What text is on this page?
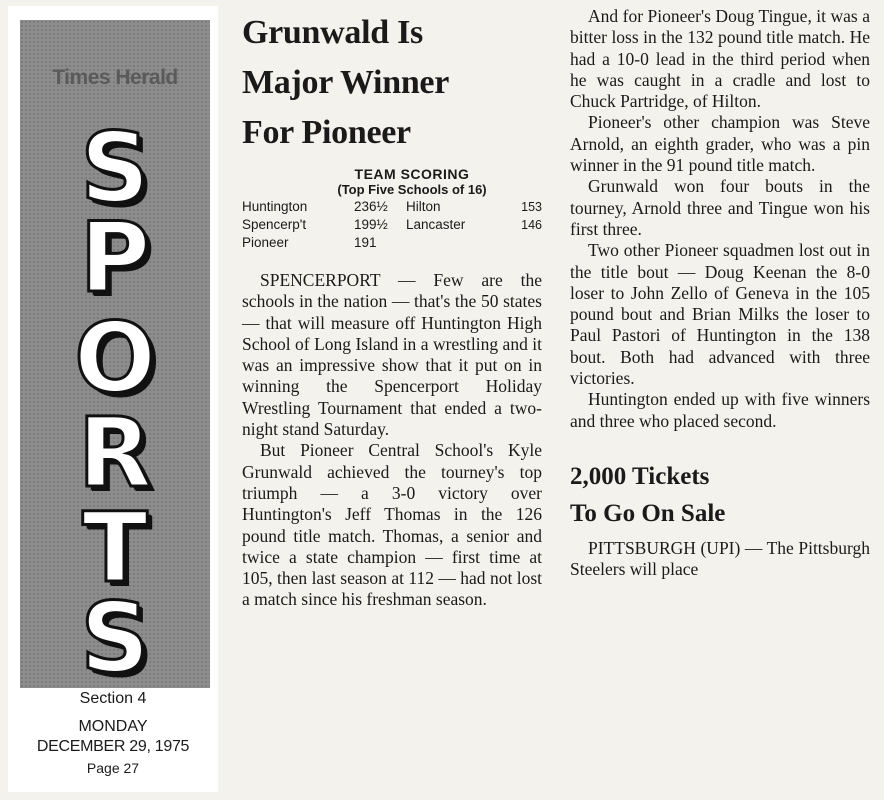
Times Herald
S
P
O
R
T
S
Section 4
MONDAY
DECEMBER 29, 1975
Page 27
Grunwald Is
Major Winner
For Pioneer
TEAM SCORING
(Top Five Schools of 16)
Huntington	236½	Hilton	153
Spencerp't	199½	Lancaster	146
Pioneer	191

SPENCERPORT — Few are the schools in the nation — that's the 50 states — that will measure off Huntington High School of Long Island in a wrestling and it was an impressive show that it put on in winning the Spencerport Holiday Wrestling Tournament that ended a two-night stand Saturday.

But Pioneer Central School's Kyle Grunwald achieved the tourney's top triumph — a 3-0 victory over Huntington's Jeff Thomas in the 126 pound title match. Thomas, a senior and twice a state champion — first time at 105, then last season at 112 — had not lost a match since his freshman season.

And for Pioneer's Doug Tingue, it was a bitter loss in the 132 pound title match. He had a 10-0 lead in the third period when he was caught in a cradle and lost to Chuck Partridge, of Hilton.

Pioneer's other champion was Steve Arnold, an eighth grader, who was a pin winner in the 91 pound title match.

Grunwald won four bouts in the tourney, Arnold three and Tingue won his first three.

Two other Pioneer squadmen lost out in the title bout — Doug Keenan the 8-0 loser to John Zello of Geneva in the 105 pound bout and Brian Milks the loser to Paul Pastori of Huntington in the 138 bout. Both had advanced with three victories.

Huntington ended up with five winners and three who placed second.

2,000 Tickets
To Go On Sale

PITTSBURGH (UPI) — The Pittsburgh Steelers will place
